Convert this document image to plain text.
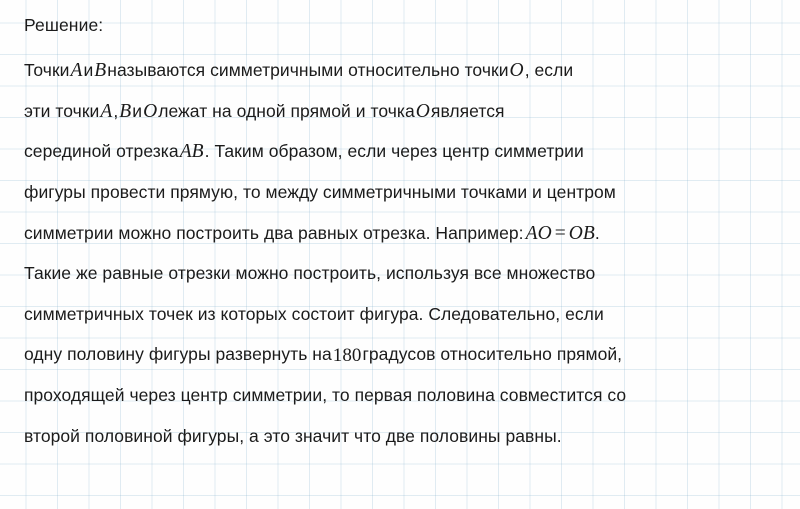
Решение:
Точки A и B называются симметричными относительно точки O , если
эти точки A , B и O лежат на одной прямой и точка O является
серединой отрезка AB . Таким образом, если через центр симметрии
фигуры провести прямую, то между симметричными точками и центром
симметрии можно построить два равных отрезка. Например: AO = OB .
Такие же равные отрезки можно построить, используя все множество
симметричных точек из которых состоит фигура. Следовательно, если
одну половину фигуры развернуть на 180 градусов относительно прямой,
проходящей через центр симметрии, то первая половина совместится со
второй половиной фигуры, а это значит что две половины равны.
